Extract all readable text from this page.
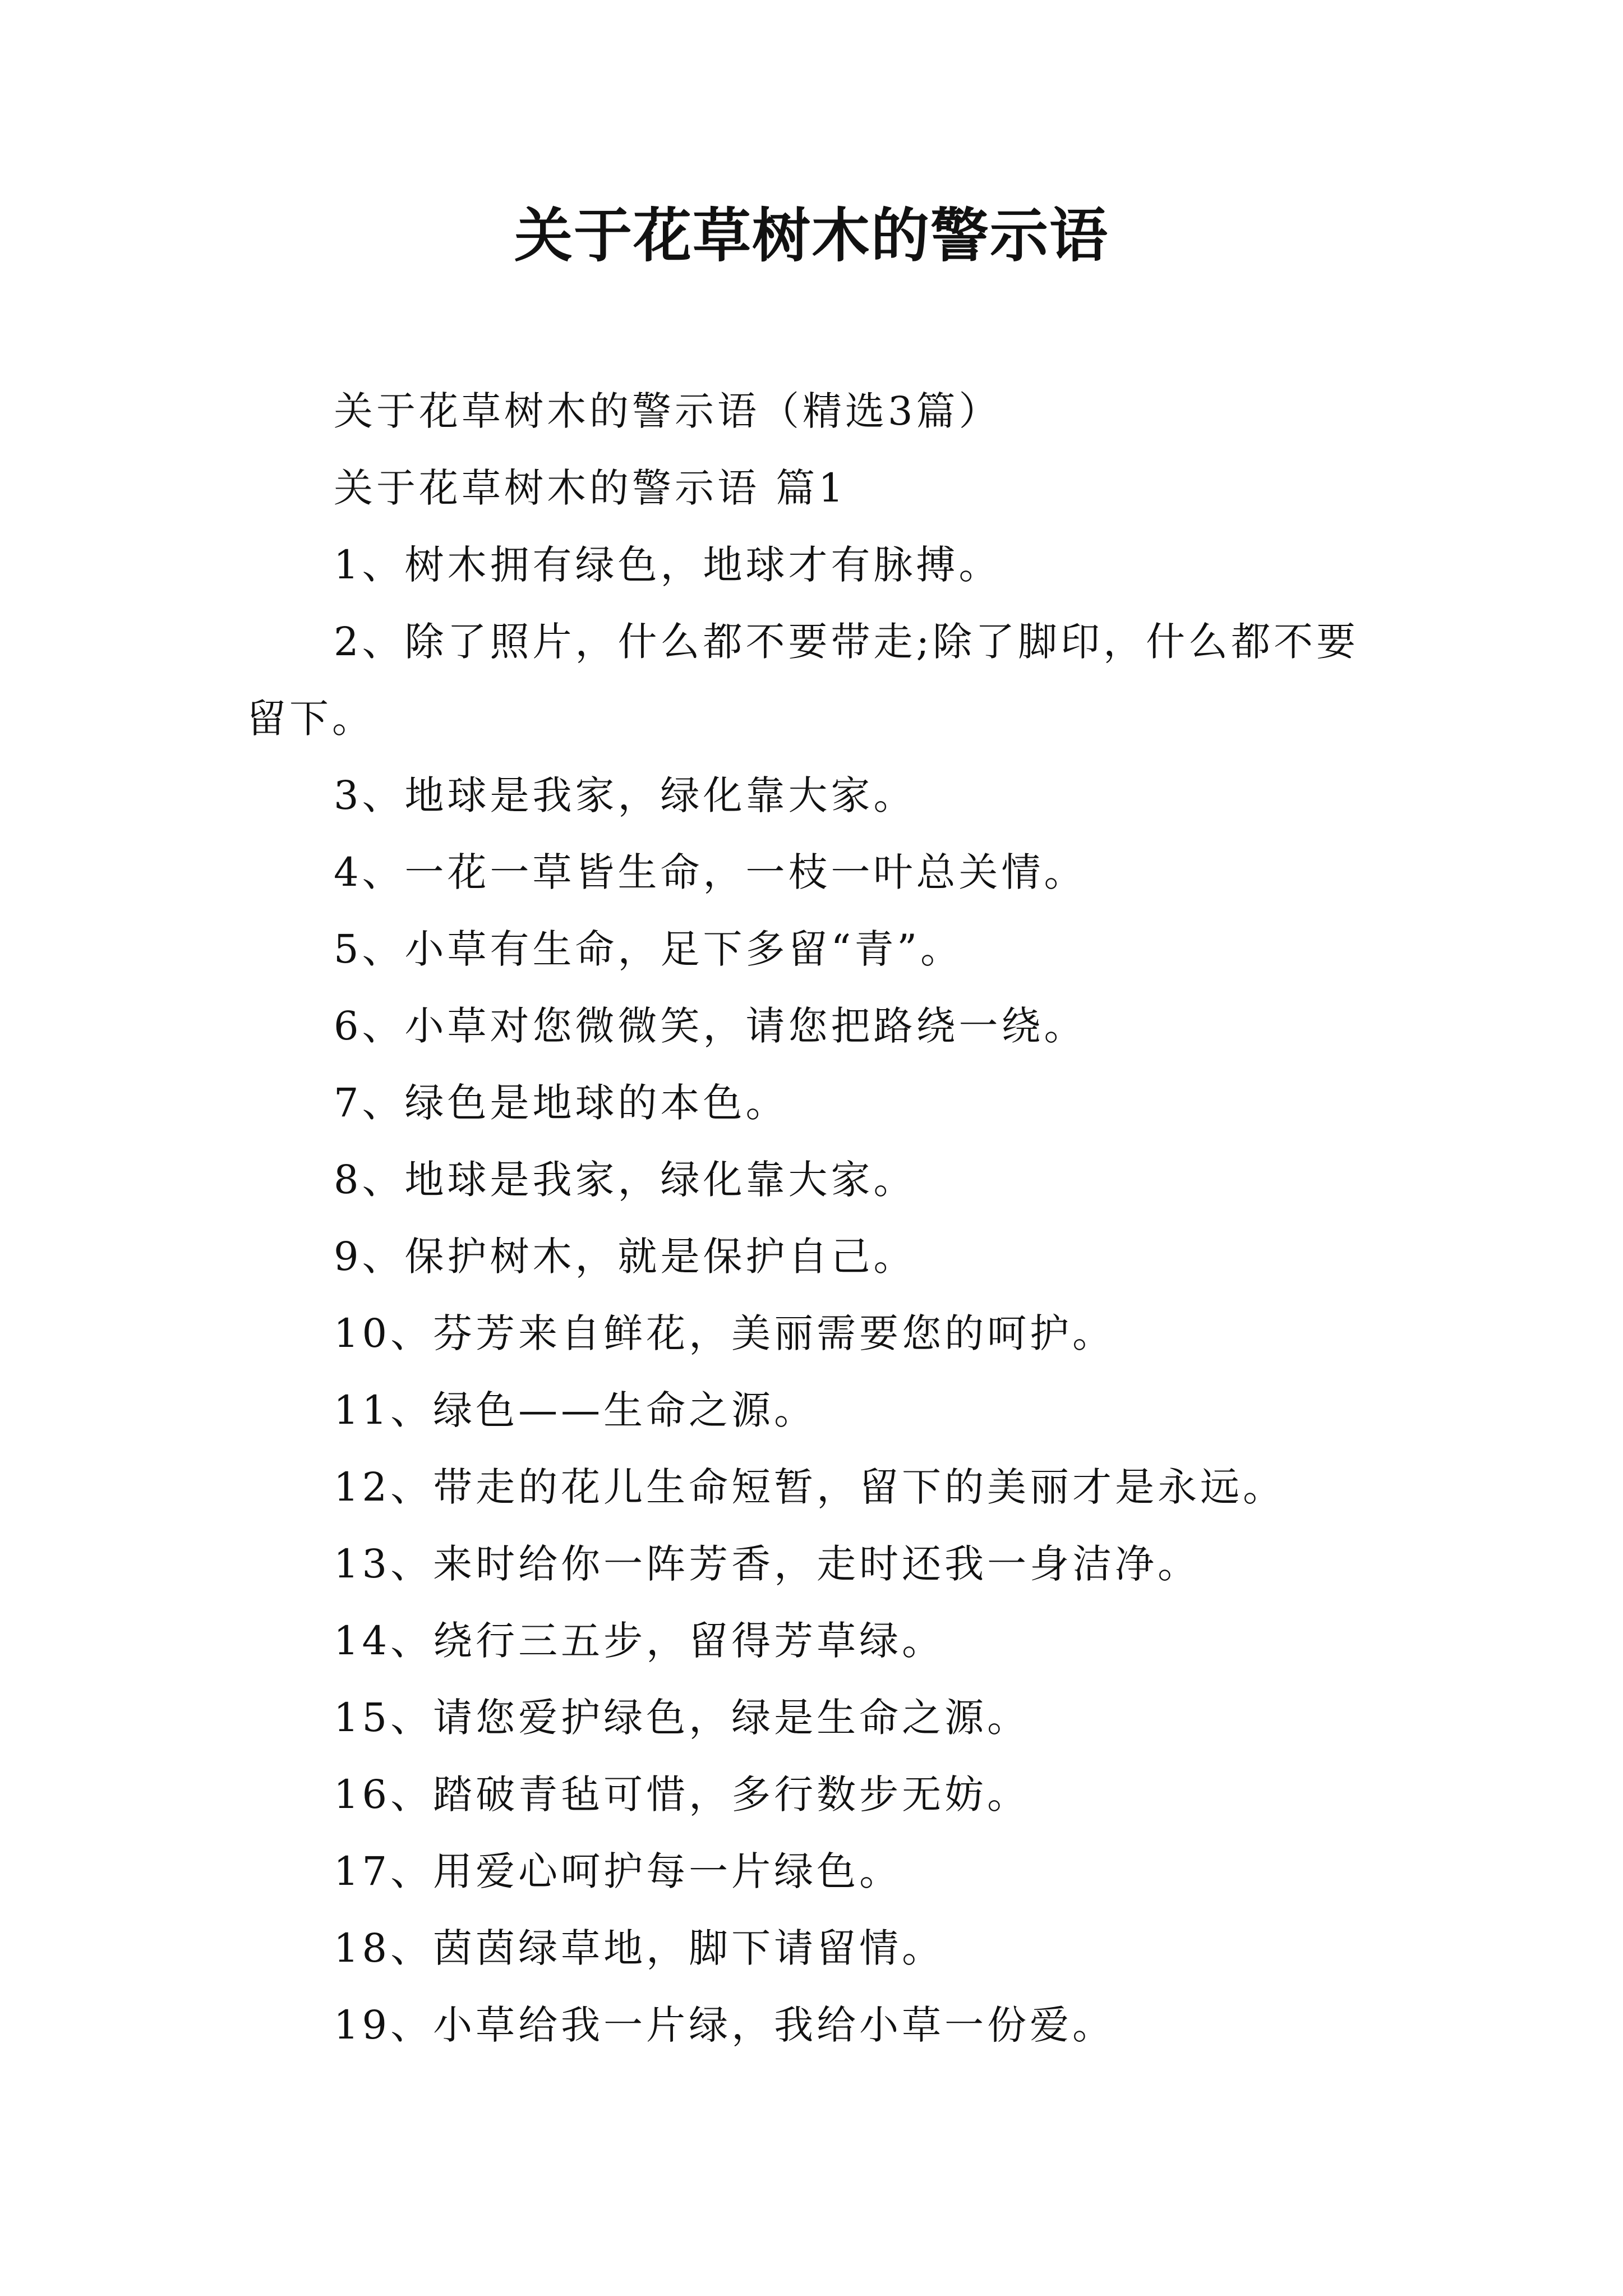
关于花草树木的警示语

关于花草树木的警示语（精选3篇）

关于花草树木的警示语 篇1

1、树木拥有绿色，地球才有脉搏。

2、除了照片，什么都不要带走;除了脚印，什么都不要留下。

3、地球是我家，绿化靠大家。

4、一花一草皆生命，一枝一叶总关情。

5、小草有生命，足下多留“青”。

6、小草对您微微笑，请您把路绕一绕。

7、绿色是地球的本色。

8、地球是我家，绿化靠大家。

9、保护树木，就是保护自己。

10、芬芳来自鲜花，美丽需要您的呵护。

11、绿色——生命之源。

12、带走的花儿生命短暂，留下的美丽才是永远。

13、来时给你一阵芳香，走时还我一身洁净。

14、绕行三五步，留得芳草绿。

15、请您爱护绿色，绿是生命之源。

16、踏破青毡可惜，多行数步无妨。

17、用爱心呵护每一片绿色。

18、茵茵绿草地，脚下请留情。

19、小草给我一片绿，我给小草一份爱。
